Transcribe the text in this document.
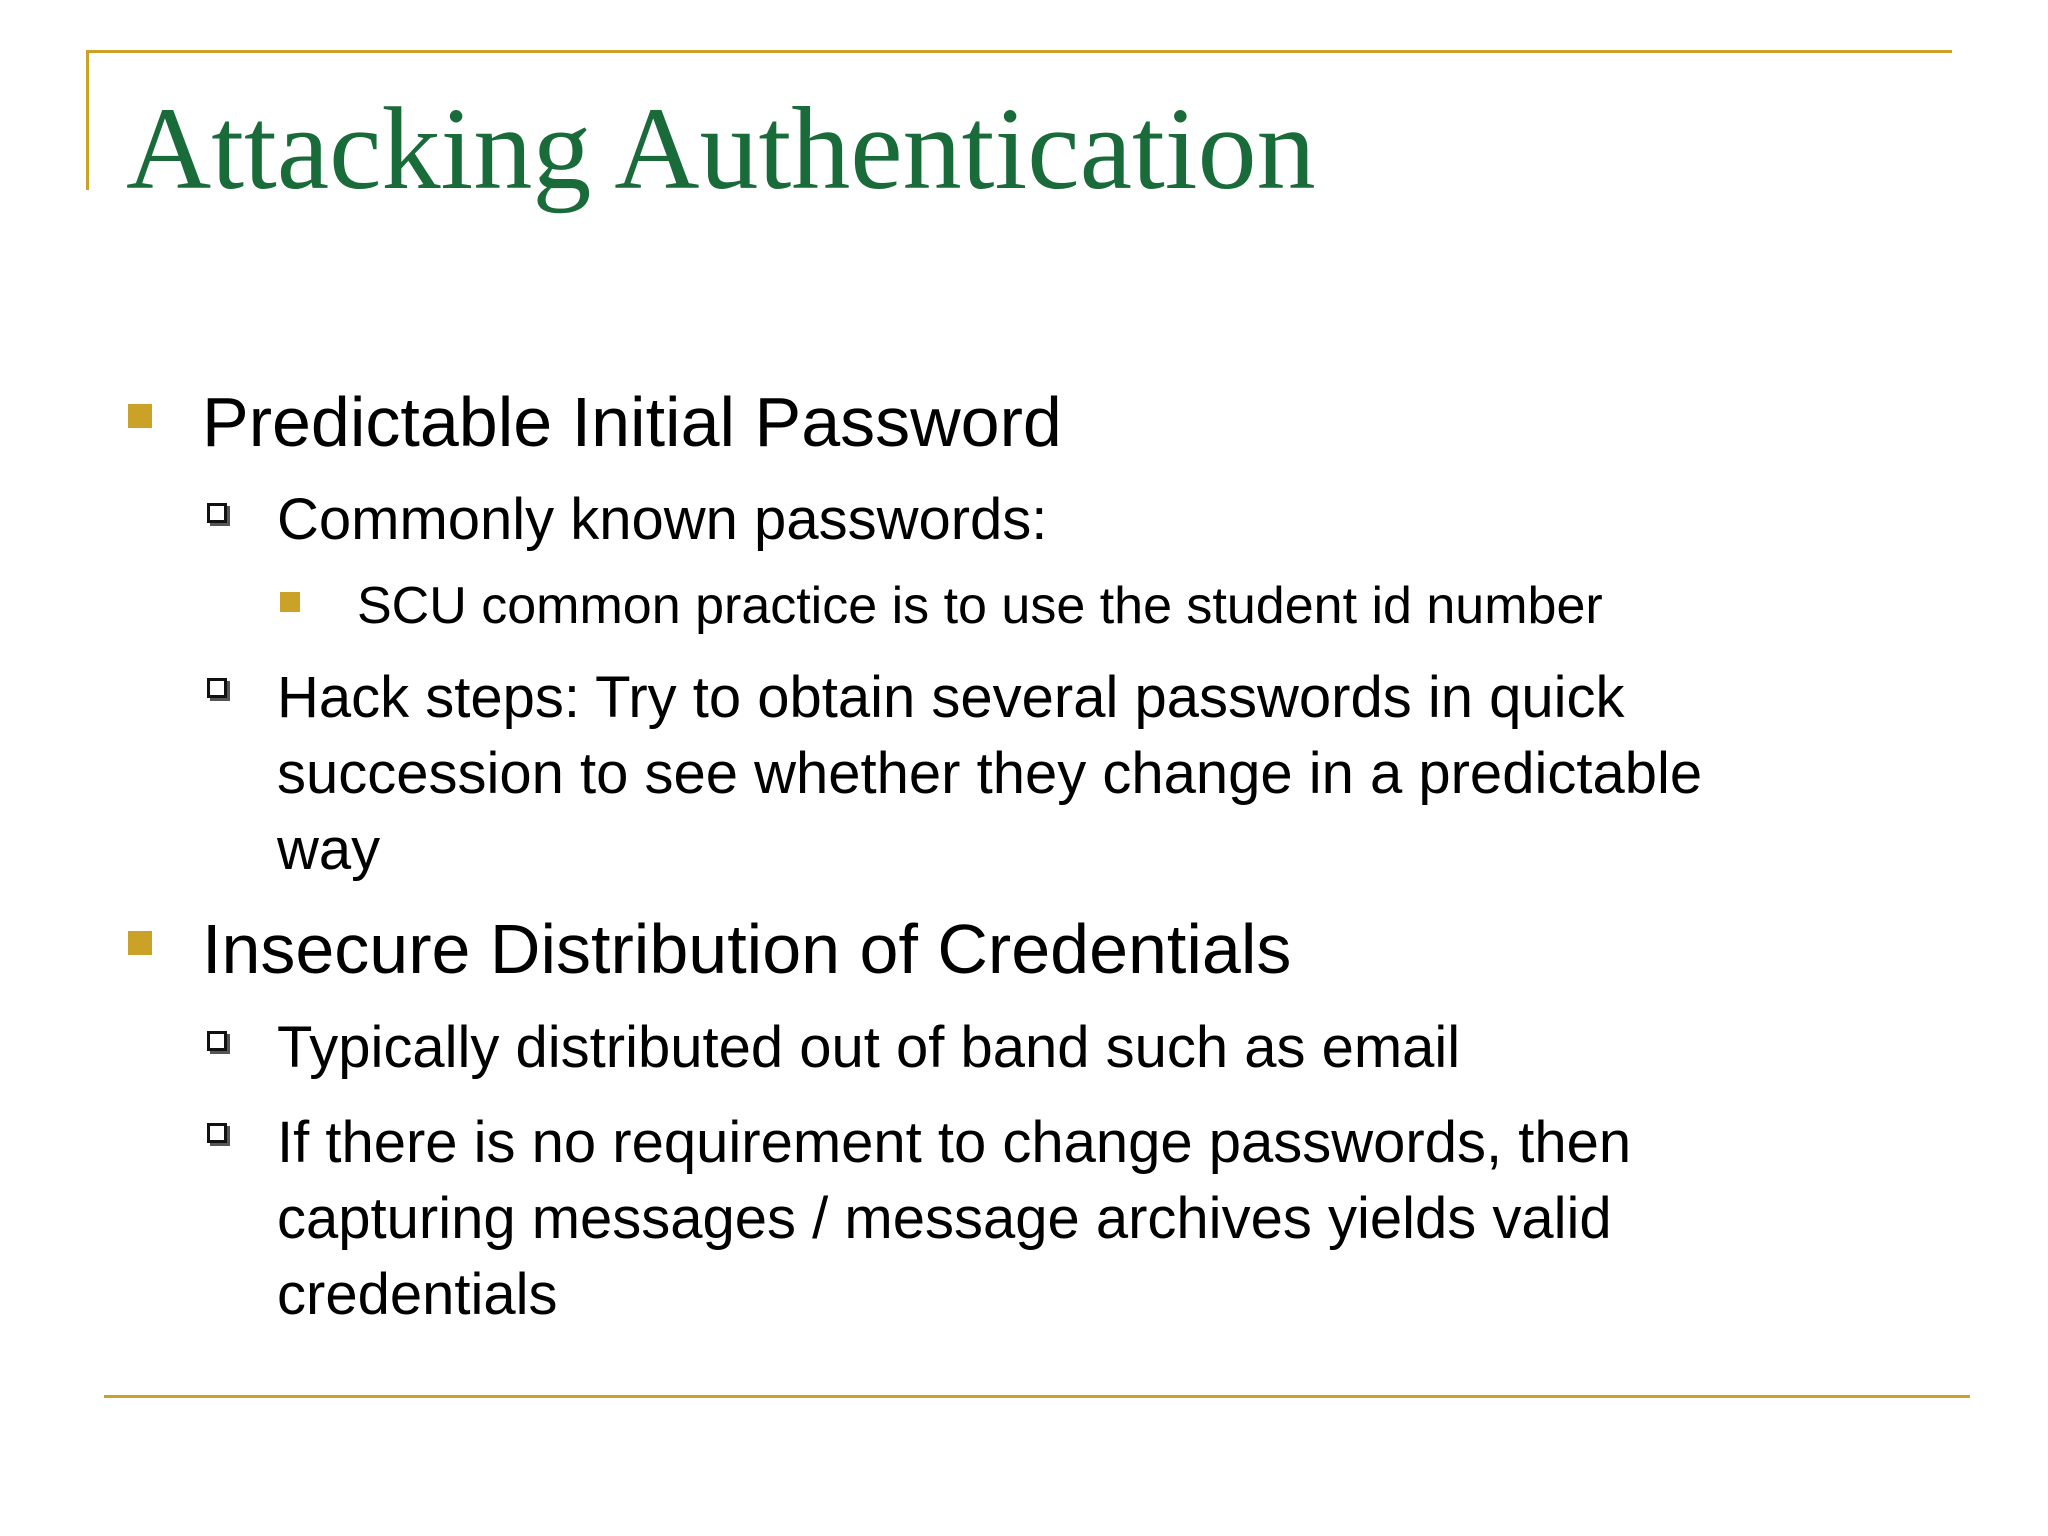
Attacking Authentication
Predictable Initial Password
Commonly known passwords:
SCU common practice is to use the student id number
Hack steps: Try to obtain several passwords in quick
succession to see whether they change in a predictable
way
Insecure Distribution of Credentials
Typically distributed out of band such as email
If there is no requirement to change passwords, then
capturing messages / message archives yields valid
credentials
